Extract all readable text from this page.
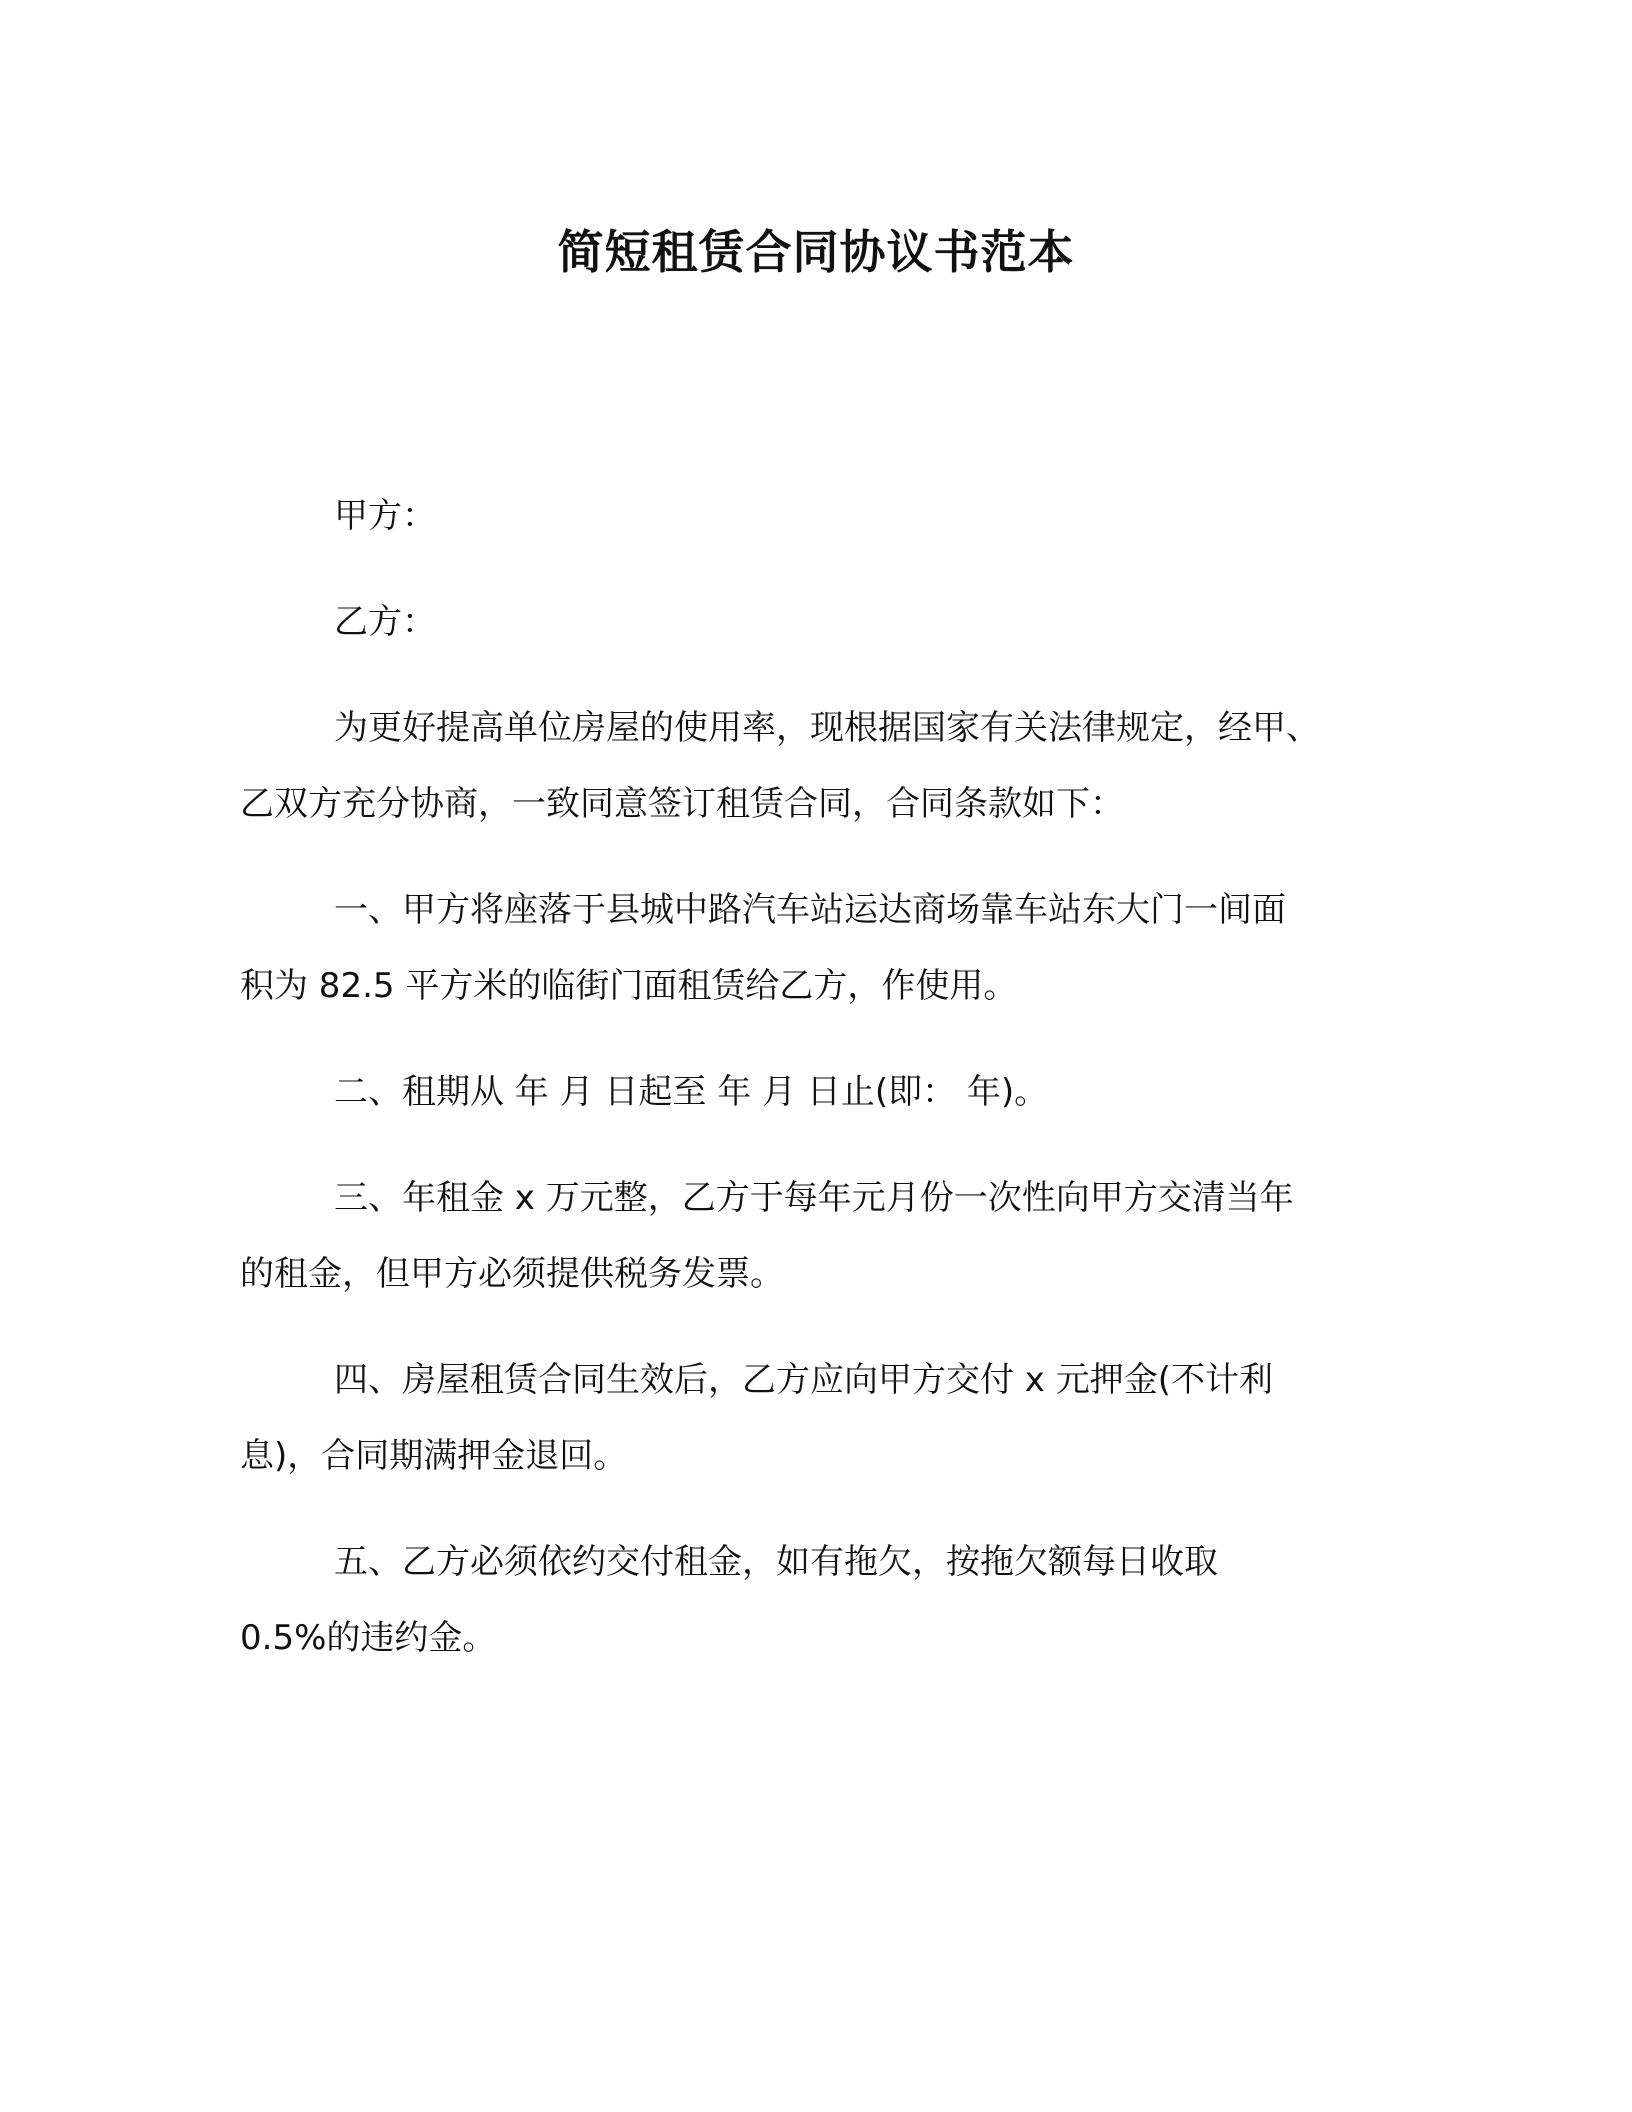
简短租赁合同协议书范本
甲方：
乙方：
为更好提高单位房屋的使用率，现根据国家有关法律规定，经甲、
乙双方充分协商，一致同意签订租赁合同，合同条款如下：
一、甲方将座落于县城中路汽车站运达商场靠车站东大门一间面
积为 82.5 平方米的临街门面租赁给乙方，作使用。
二、租期从 年 月 日起至 年 月 日止(即： 年)。
三、年租金 x 万元整，乙方于每年元月份一次性向甲方交清当年
的租金，但甲方必须提供税务发票。
四、房屋租赁合同生效后，乙方应向甲方交付 x 元押金(不计利
息)，合同期满押金退回。
五、乙方必须依约交付租金，如有拖欠，按拖欠额每日收取
0.5%的违约金。
